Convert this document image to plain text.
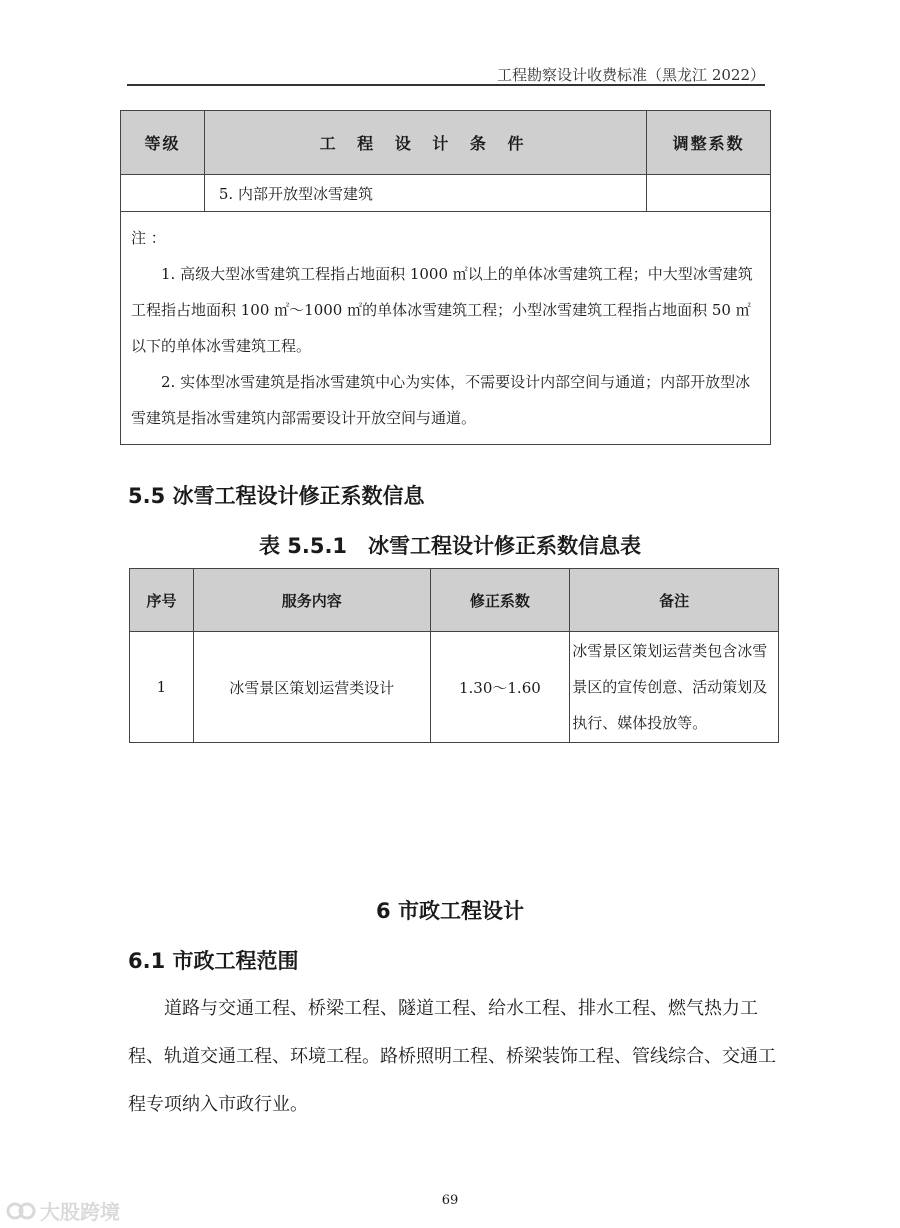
工程勘察设计收费标准（黑龙江 2022）
等级	工 程 设 计 条 件	调整系数
	5. 内部开放型冰雪建筑	

注 ：
1. 高级大型冰雪建筑工程指占地面积 1000 ㎡以上的单体冰雪建筑工程；中大型冰雪建筑工程指占地面积 100 ㎡～1000 ㎡的单体冰雪建筑工程；小型冰雪建筑工程指占地面积 50 ㎡以下的单体冰雪建筑工程。
2. 实体型冰雪建筑是指冰雪建筑中心为实体，不需要设计内部空间与通道；内部开放型冰雪建筑是指冰雪建筑内部需要设计开放空间与通道。		
5.5 冰雪工程设计修正系数信息
表 5.5.1　冰雪工程设计修正系数信息表
序号	服务内容	修正系数	备注
1	冰雪景区策划运营类设计	1.30～1.60	冰雪景区策划运营类包含冰雪景区的宣传创意、活动策划及执行、媒体投放等。
6 市政工程设计
6.1 市政工程范围
道路与交通工程、桥梁工程、隧道工程、给水工程、排水工程、燃气热力工程、轨道交通工程、环境工程。路桥照明工程、桥梁装饰工程、管线综合、交通工程专项纳入市政行业。
69
大股跨境
